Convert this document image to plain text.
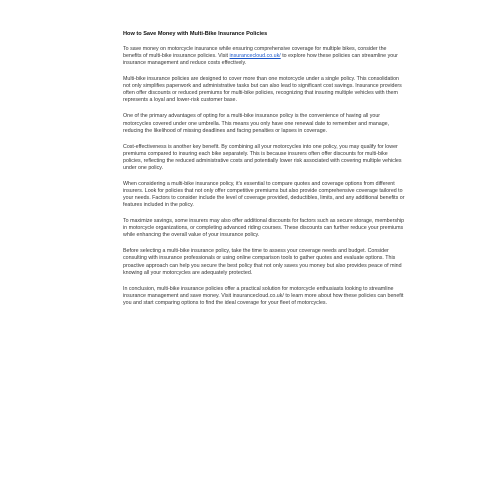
How to Save Money with Multi-Bike Insurance Policies

To save money on motorcycle insurance while ensuring comprehensive coverage for multiple bikes, consider the benefits of multi-bike insurance policies. Visit insurancecloud.co.uk/ to explore how these policies can streamline your insurance management and reduce costs effectively.

Multi-bike insurance policies are designed to cover more than one motorcycle under a single policy. This consolidation not only simplifies paperwork and administrative tasks but can also lead to significant cost savings. Insurance providers often offer discounts or reduced premiums for multi-bike policies, recognizing that insuring multiple vehicles with them represents a loyal and lower-risk customer base.

One of the primary advantages of opting for a multi-bike insurance policy is the convenience of having all your motorcycles covered under one umbrella. This means you only have one renewal date to remember and manage, reducing the likelihood of missing deadlines and facing penalties or lapses in coverage.

Cost-effectiveness is another key benefit. By combining all your motorcycles into one policy, you may qualify for lower premiums compared to insuring each bike separately. This is because insurers often offer discounts for multi-bike policies, reflecting the reduced administrative costs and potentially lower risk associated with covering multiple vehicles under one policy.

When considering a multi-bike insurance policy, it's essential to compare quotes and coverage options from different insurers. Look for policies that not only offer competitive premiums but also provide comprehensive coverage tailored to your needs. Factors to consider include the level of coverage provided, deductibles, limits, and any additional benefits or features included in the policy.

To maximize savings, some insurers may also offer additional discounts for factors such as secure storage, membership in motorcycle organizations, or completing advanced riding courses. These discounts can further reduce your premiums while enhancing the overall value of your insurance policy.

Before selecting a multi-bike insurance policy, take the time to assess your coverage needs and budget. Consider consulting with insurance professionals or using online comparison tools to gather quotes and evaluate options. This proactive approach can help you secure the best policy that not only saves you money but also provides peace of mind knowing all your motorcycles are adequately protected.

In conclusion, multi-bike insurance policies offer a practical solution for motorcycle enthusiasts looking to streamline insurance management and save money. Visit insurancecloud.co.uk/ to learn more about how these policies can benefit you and start comparing options to find the ideal coverage for your fleet of motorcycles.
